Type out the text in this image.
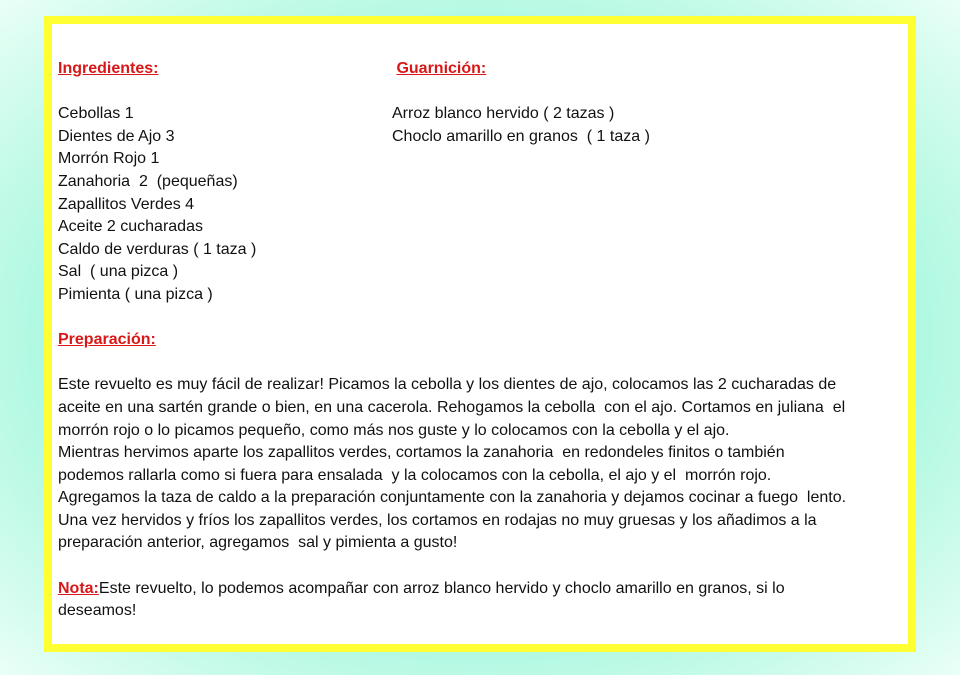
Ingredientes:
Cebollas 1
Dientes de Ajo 3
Morrón Rojo 1
Zanahoria  2  (pequeñas)
Zapallitos Verdes 4
Aceite 2 cucharadas
Caldo de verduras ( 1 taza )
Sal  ( una pizca )
Pimienta ( una pizca )
Guarnición:
Arroz blanco hervido ( 2 tazas )
Choclo amarillo en granos  ( 1 taza )
Preparación:
Este revuelto es muy fácil de realizar! Picamos la cebolla y los dientes de ajo, colocamos las 2 cucharadas de
aceite en una sartén grande o bien, en una cacerola. Rehogamos la cebolla  con el ajo. Cortamos en juliana  el
morrón rojo o lo picamos pequeño, como más nos guste y lo colocamos con la cebolla y el ajo.
Mientras hervimos aparte los zapallitos verdes, cortamos la zanahoria  en redondeles finitos o también
podemos rallarla como si fuera para ensalada  y la colocamos con la cebolla, el ajo y el  morrón rojo.
Agregamos la taza de caldo a la preparación conjuntamente con la zanahoria y dejamos cocinar a fuego  lento.
Una vez hervidos y fríos los zapallitos verdes, los cortamos en rodajas no muy gruesas y los añadimos a la
preparación anterior, agregamos  sal y pimienta a gusto!
Nota:Este revuelto, lo podemos acompañar con arroz blanco hervido y choclo amarillo en granos, si lo
deseamos!
